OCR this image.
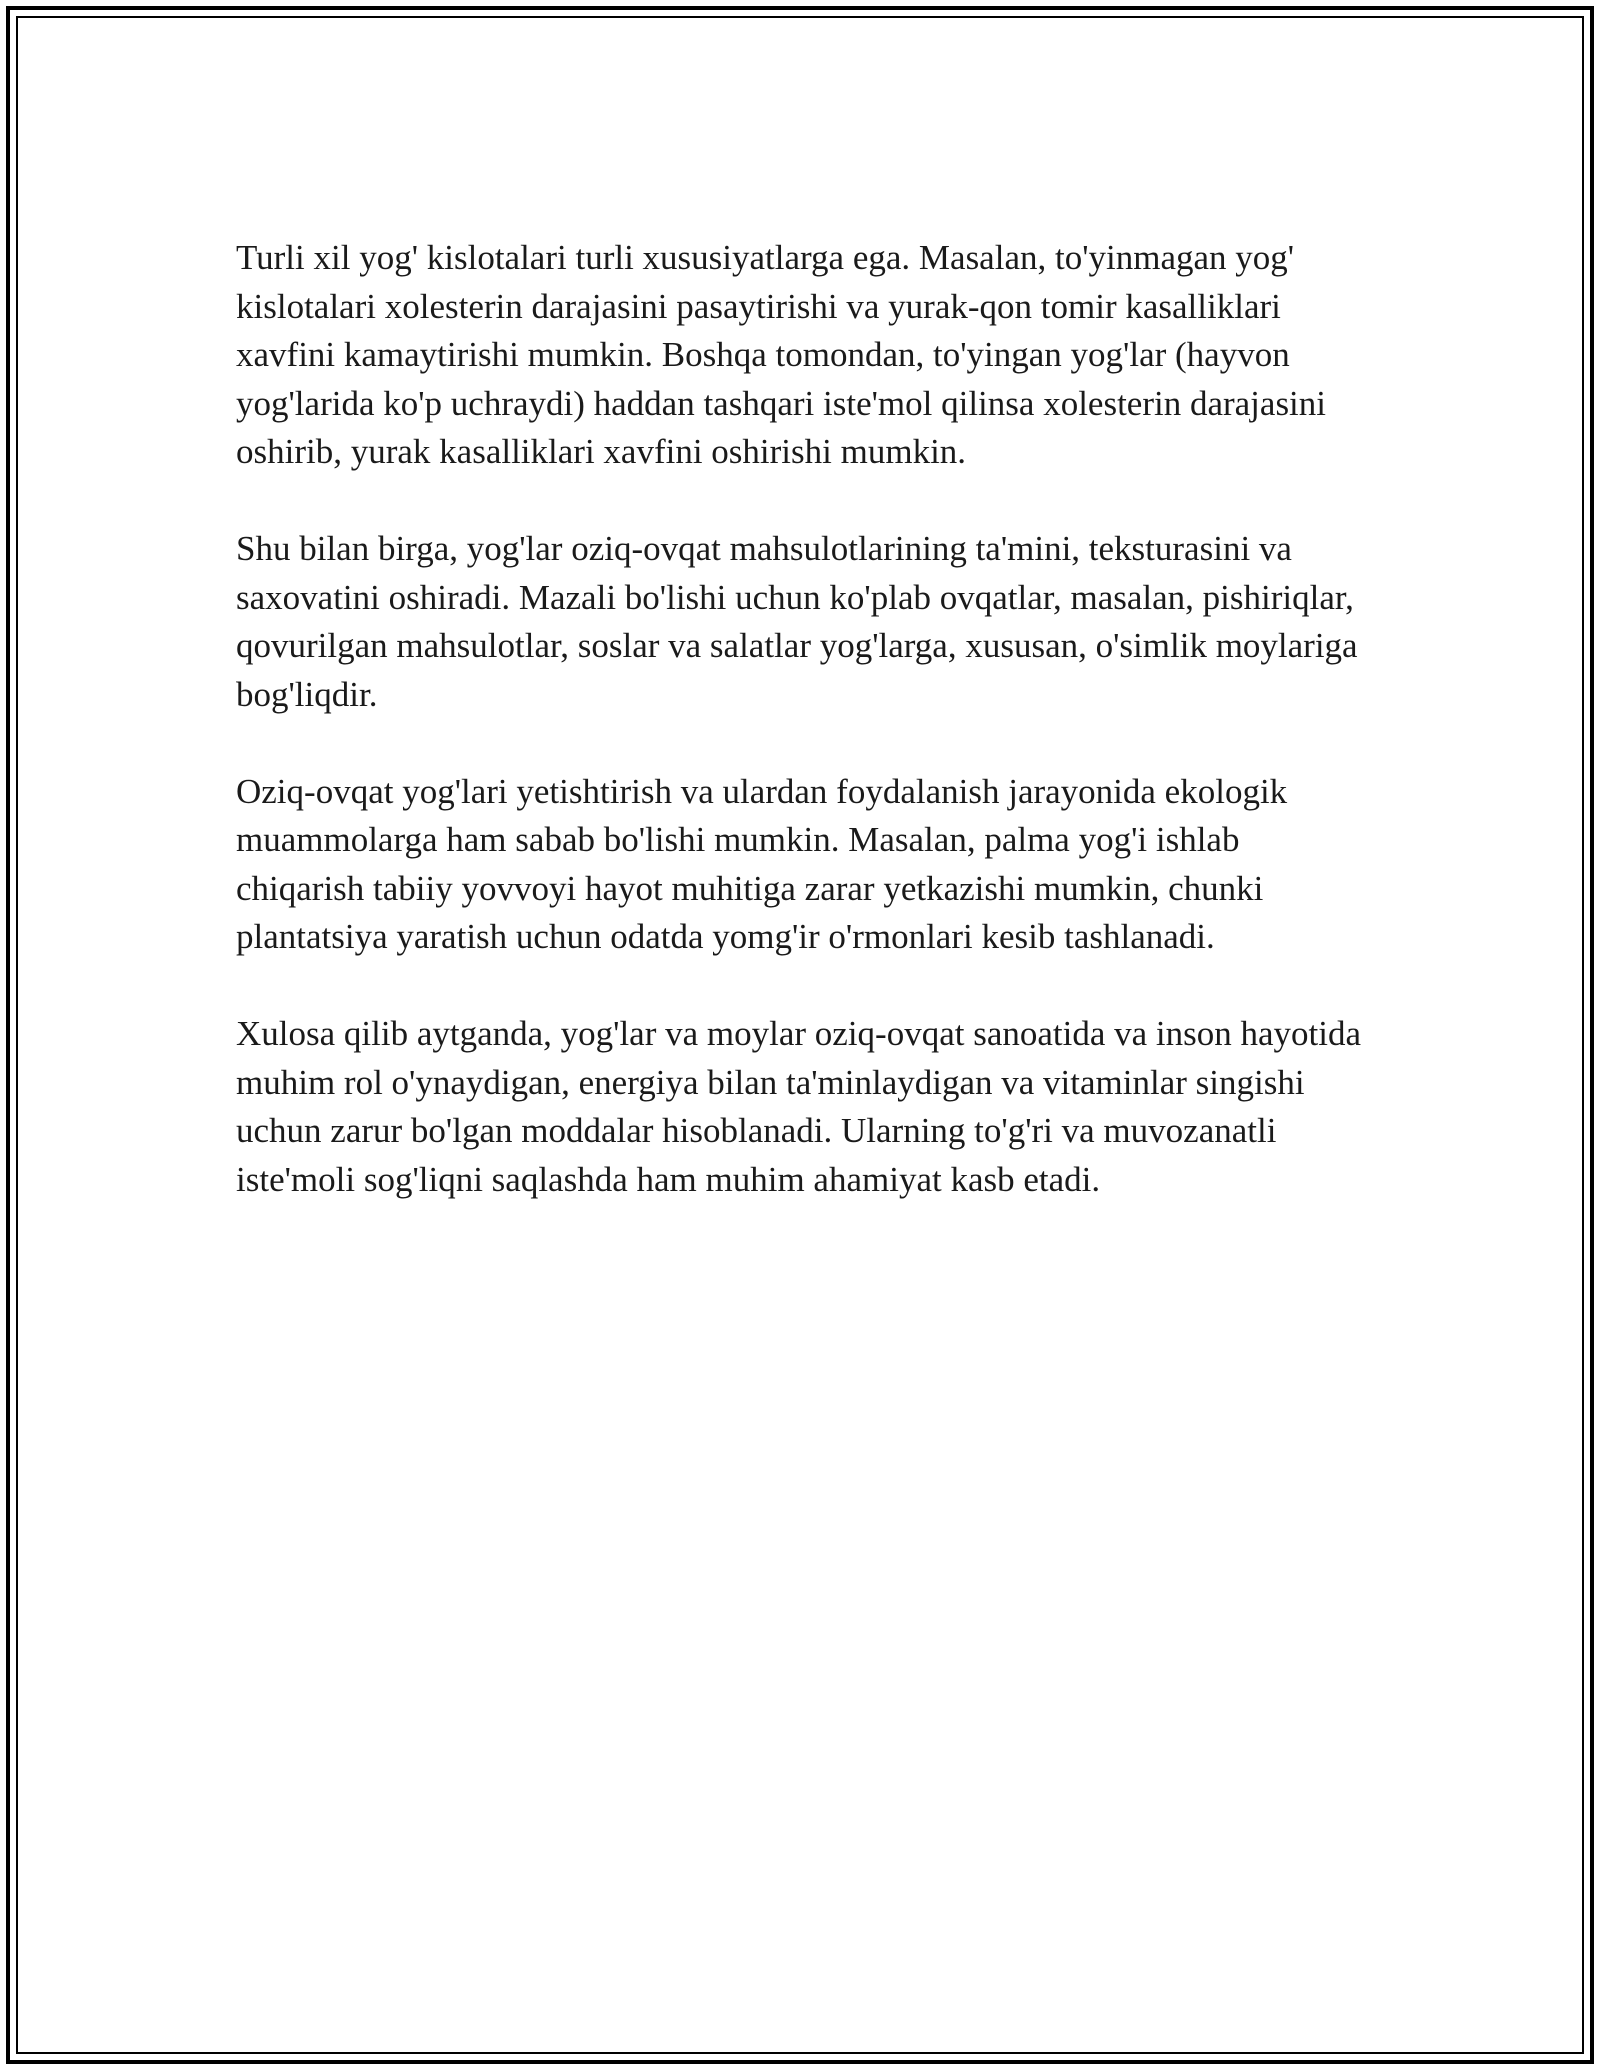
Turli xil yog' kislotalari turli xususiyatlarga ega. Masalan, to'yinmagan yog' kislotalari xolesterin darajasini pasaytirishi va yurak-qon tomir kasalliklari xavfini kamaytirishi mumkin. Boshqa tomondan, to'yingan yog'lar (hayvon yog'larida ko'p uchraydi) haddan tashqari iste'mol qilinsa xolesterin darajasini oshirib, yurak kasalliklari xavfini oshirishi mumkin.

Shu bilan birga, yog'lar oziq-ovqat mahsulotlarining ta'mini, teksturasini va saxovatini oshiradi. Mazali bo'lishi uchun ko'plab ovqatlar, masalan, pishiriqlar, qovurilgan mahsulotlar, soslar va salatlar yog'larga, xususan, o'simlik moylariga bog'liqdir.

Oziq-ovqat yog'lari yetishtirish va ulardan foydalanish jarayonida ekologik muammolarga ham sabab bo'lishi mumkin. Masalan, palma yog'i ishlab chiqarish tabiiy yovvoyi hayot muhitiga zarar yetkazishi mumkin, chunki plantatsiya yaratish uchun odatda yomg'ir o'rmonlari kesib tashlanadi.

Xulosa qilib aytganda, yog'lar va moylar oziq-ovqat sanoatida va inson hayotida muhim rol o'ynaydigan, energiya bilan ta'minlaydigan va vitaminlar singishi uchun zarur bo'lgan moddalar hisoblanadi. Ularning to'g'ri va muvozanatli iste'moli sog'liqni saqlashda ham muhim ahamiyat kasb etadi.
